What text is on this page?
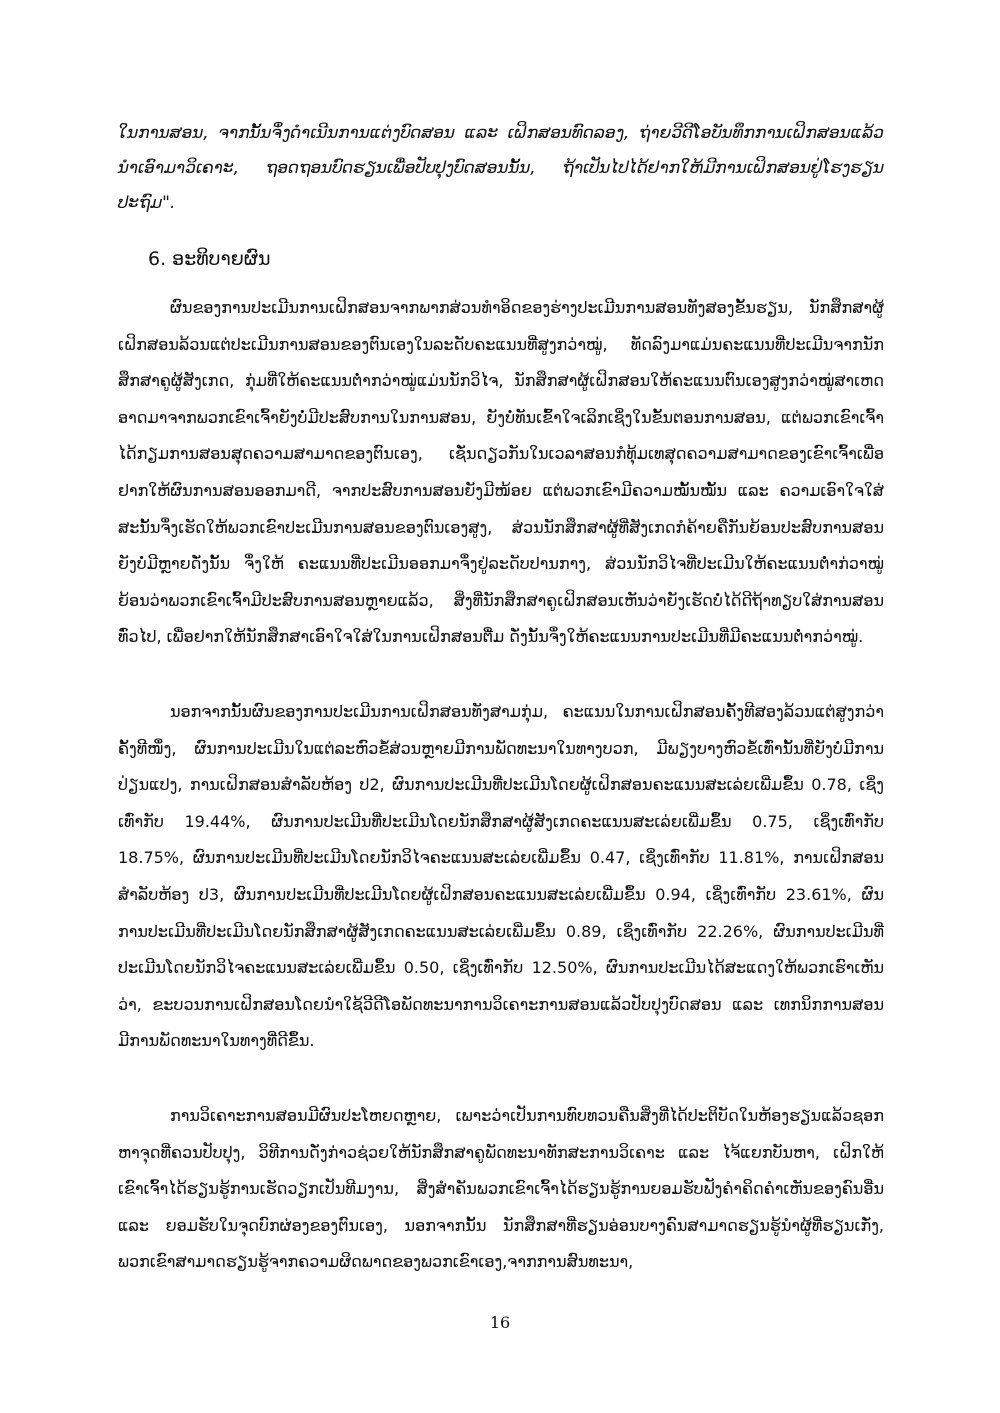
ໃນການສອນ, ຈາກນັ້ນຈຶ່ງດຳເນີນການແຕ່ງບົດສອນ ແລະ ເຝິກສອນທົດລອງ, ຖ່າຍວີດີໂອບັນທຶກການເຝິກສອນແລ້ວນຳເອົາມາວິເຄາະ, ຖອດຖອນບົດຮຽນເພື່ອປັບປຸງບົດສອນນັ້ນ, ຖ້າເປັນໄປໄດ້ຢາກໃຫ້ມີການເຝິກສອນຢູ່ໂຮງຮຽນປະຖົມ".
6. ອະທິບາຍຜົນ

ຜົນຂອງການປະເມີນການເຝິກສອນຈາກພາກສ່ວນທຳອິດຂອງຮ່າງປະເມີນການສອນທັງສອງຂັ້ນຮຽນ, ນັກສຶກສາຜູ້ເຝິກສອນລ້ວນແຕ່ປະເມີນການສອນຂອງຕົນເອງໃນລະດັບຄະແນນທີ່ສູງກວ່າໝູ່, ທັດລົງມາແມ່ນຄະແນນທີ່ປະເມີນຈາກນັກສຶກສາຄູຜູ້ສັງເກດ, ກຸ່ມທີ່ໃຫ້ຄະແນນຕ່ຳກວ່າໝູ່ແມ່ນນັກວິໄຈ, ນັກສຶກສາຜູ້ເຝິກສອນໃຫ້ຄະແນນຕົນເອງສູງກວ່າໝູ່ສາເຫດອາດມາຈາກພວກເຂົາເຈົ້າຍັງບໍ່ມີປະສົບການໃນການສອນ, ຍັງບໍ່ທັນເຂົ້າໃຈເລິກເຊິ່ງໃນຂັ້ນຕອນການສອນ, ແຕ່ພວກເຂົາເຈົ້າໄດ້ກຽມການສອນສຸດຄວາມສາມາດຂອງຕົນເອງ, ເຊັ່ນດຽວກັນໃນເວລາສອນກໍທຸ້ມເທສຸດຄວາມສາມາດຂອງເຂົາເຈົ້າເພື່ອຢາກໃຫ້ຜົນການສອນອອກມາດີ, ຈາກປະສົບການສອນຍັງມີໜ້ອຍ ແຕ່ພວກເຂົາມີຄວາມໝັ້ນໝັ້ນ ແລະ ຄວາມເອົາໃຈໃສ່ສະນັ້ນຈຶ່ງເຮັດໃຫ້ພວກເຂົາປະເມີນການສອນຂອງຕົນເອງສູງ, ສ່ວນນັກສຶກສາຜູ້ທີ່ສັງເກດກໍຄ້າຍຄືກັນຍ້ອນປະສົບການສອນຍັງບໍ່ມີຫຼາຍດັ່ງນັ້ນ ຈຶ່ງໃຫ້ ຄະແນນທີ່ປະເມີນອອກມາຈຶ່ງຢູ່ລະດັບປານກາງ, ສ່ວນນັກວິໄຈທີ່ປະເມີນໃຫ້ຄະແນນຕ່ຳກ່ວາໝູ່ຍ້ອນວ່າພວກເຂົາເຈົ້າມີປະສົບການສອນຫຼາຍແລ້ວ, ສິ່ງທີ່ນັກສຶກສາຄູເຝິກສອນເຫັນວ່າຍັງເຮັດບໍ່ໄດ້ດີຖ້າທຽບໃສ່ການສອນທົ່ວໄປ, ເພື່ອຢາກໃຫ້ນັກສຶກສາເອົາໃຈໃສ່ໃນການເຝິກສອນຕື່ມ ດັ່ງນັ້ນຈຶ່ງໃຫ້ຄະແນນການປະເມີນທີ່ມີຄະແນນຕ່ຳກວ່າໝູ່.

ນອກຈາກນັ້ນຜົນຂອງການປະເມີນການເຝິກສອນທັງສາມກຸ່ມ, ຄະແນນໃນການເຝິກສອນຄັ້ງທີສອງລ້ວນແຕ່ສູງກວ່າຄັ້ງທີໜຶ່ງ, ຜົນການປະເມີນໃນແຕ່ລະຫົວຂໍ້ສ່ວນຫຼາຍມີການພັດທະນາໃນທາງບວກ, ມີພຽງບາງຫົວຂໍ້ເທົ່ານັ້ນທີ່ຍັງບໍ່ມີການປ່ຽນແປງ, ການເຝິກສອນສຳລັບຫ້ອງ ປ2, ຜົນການປະເມີນທີ່ປະເມີນໂດຍຜູ້ເຝິກສອນຄະແນນສະເລ່ຍເພີ່ມຂຶ້ນ 0.78, ເຊິ່ງເທົ່າກັບ 19.44%, ຜົນການປະເມີນທີ່ປະເມີນໂດຍນັກສຶກສາຜູ້ສັງເກດຄະແນນສະເລ່ຍເພີ່ມຂຶ້ນ 0.75, ເຊິ່ງເທົ່າກັບ 18.75%, ຜົນການປະເມີນທີ່ປະເມີນໂດຍນັກວິໄຈຄະແນນສະເລ່ຍເພີ່ມຂຶ້ນ 0.47, ເຊິ່ງເທົ່າກັບ 11.81%, ການເຝິກສອນສຳລັບຫ້ອງ ປ3, ຜົນການປະເມີນທີ່ປະເມີນໂດຍຜູ້ເຝິກສອນຄະແນນສະເລ່ຍເພີ່ມຂຶ້ນ 0.94, ເຊິ່ງເທົ່າກັບ 23.61%, ຜົນການປະເມີນທີ່ປະເມີນໂດຍນັກສຶກສາຜູ້ສັງເກດຄະແນນສະເລ່ຍເພີ່ມຂຶ້ນ 0.89, ເຊິ່ງເທົ່າກັບ 22.26%, ຜົນການປະເມີນທີ່ປະເມີນໂດຍນັກວິໄຈຄະແນນສະເລ່ຍເພີ່ມຂຶ້ນ 0.50, ເຊິ່ງເທົ່າກັບ 12.50%, ຜົນການປະເມີນໄດ້ສະແດງໃຫ້ພວກເຮົາເຫັນວ່າ, ຂະບວນການເຝິກສອນໂດຍນຳໃຊ້ວີດີໂອພັດທະນາການວິເຄາະການສອນແລ້ວປັບປຸງບົດສອນ ແລະ ເທກນິກການສອນມີການພັດທະນາໃນທາງທີ່ດີຂຶ້ນ.

ການວິເຄາະການສອນມີຜົນປະໂຫຍດຫຼາຍ, ເພາະວ່າເປັນການທົບທວນຄືນສິ່ງທີ່ໄດ້ປະຕິບັດໃນຫ້ອງຮຽນແລ້ວຊອກຫາຈຸດທີ່ຄວນປັບປຸງ, ວິທີການດັ່ງກ່າວຊ່ວຍໃຫ້ນັກສຶກສາຄູພັດທະນາທັກສະການວິເຄາະ ແລະ ໄຈ້ແຍກບັນຫາ, ເຝິກໃຫ້ເຂົາເຈົ້າໄດ້ຮຽນຮູ້ການເຮັດວຽກເປັນທີມງານ, ສິ່ງສຳຄັນພວກເຂົາເຈົ້າໄດ້ຮຽນຮູ້ການຍອມຮັບຟັງຄຳຄິດຄຳເຫັນຂອງຄົນອື່ນ ແລະ ຍອມຮັບໃນຈຸດບົກຜ່ອງຂອງຕົນເອງ, ນອກຈາກນັ້ນ ນັກສຶກສາທີ່ຮຽນອ່ອນບາງຄົນສາມາດຮຽນຮູ້ນຳຜູ້ທີ່ຮຽນເກັ່ງ, ພວກເຂົາສາມາດຮຽນຮູ້ຈາກຄວາມຜິດພາດຂອງພວກເຂົາເອງ,ຈາກການສົນທະນາ,

16
